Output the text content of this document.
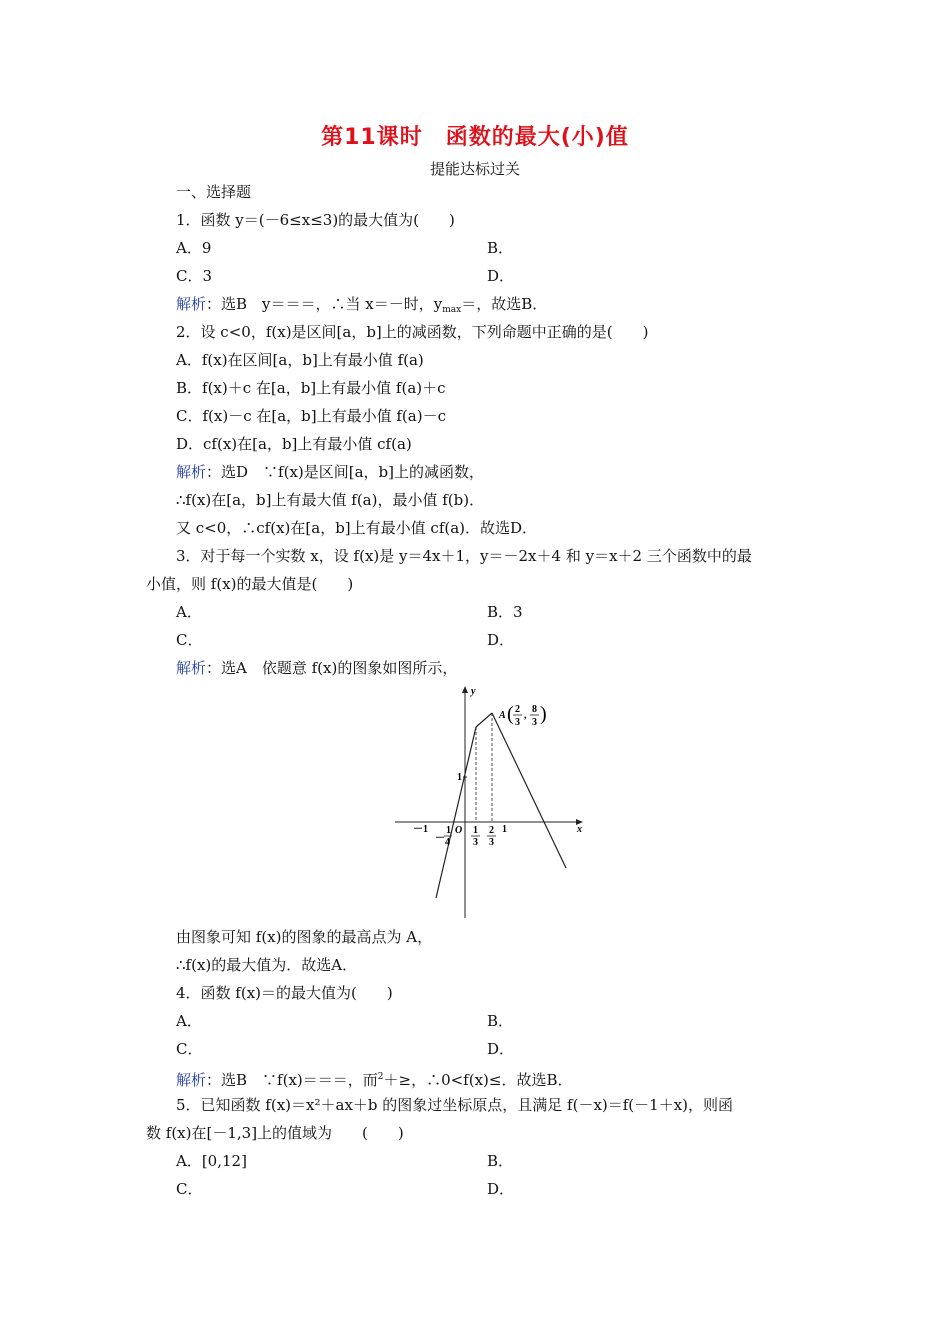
第11课时　函数的最大(小)值
提能达标过关
一、选择题
1．函数 y＝(－6≤x≤3)的最大值为(　　)
A．9	B．
C．3	D．
解析：选B　y＝＝＝，∴当 x＝－时，$y_{max}=$，故选B．
2．设 c<0，f(x)是区间[a，b]上的减函数，下列命题中正确的是(　　)
A．f(x)在区间[a，b]上有最小值 f(a)
B．f(x)＋c 在[a，b]上有最小值 f(a)＋c
C．f(x)－c 在[a，b]上有最小值 f(a)－c
D．cf(x)在[a，b]上有最小值 cf(a)
解析：选D　∵f(x)是区间[a，b]上的减函数，
∴f(x)在[a，b]上有最大值 f(a)，最小值 f(b)．
又 c<0，∴cf(x)在[a，b]上有最小值 cf(a)．故选D．
3．对于每一个实数 x，设 f(x)是 y＝4x＋1，y＝－2x＋4 和 y＝x＋2 三个函数中的最
小值，则 f(x)的最大值是(　　)
A．	B．3
C．	D．
解析：选A　依题意 f(x)的图象如图所示，
y
x
O
1
－1
－
1
4
1
3
2
3
1
A ( 2
3
,
8
3 )
由图象可知 f(x)的图象的最高点为 A，
∴f(x)的最大值为．故选A．
4．函数 f(x)＝的最大值为(　　)
A．	B．
C．	D．
解析：选B　∵f(x)＝＝＝，而$^2$＋≥，∴0<f(x)≤．故选B．
5．已知函数 f(x)＝x²＋ax＋b 的图象过坐标原点，且满足 f(－x)＝f(－1＋x)，则函
数 f(x)在[－1,3]上的值域为　　(　　)
A．[0,12]	B．
C．	D．
